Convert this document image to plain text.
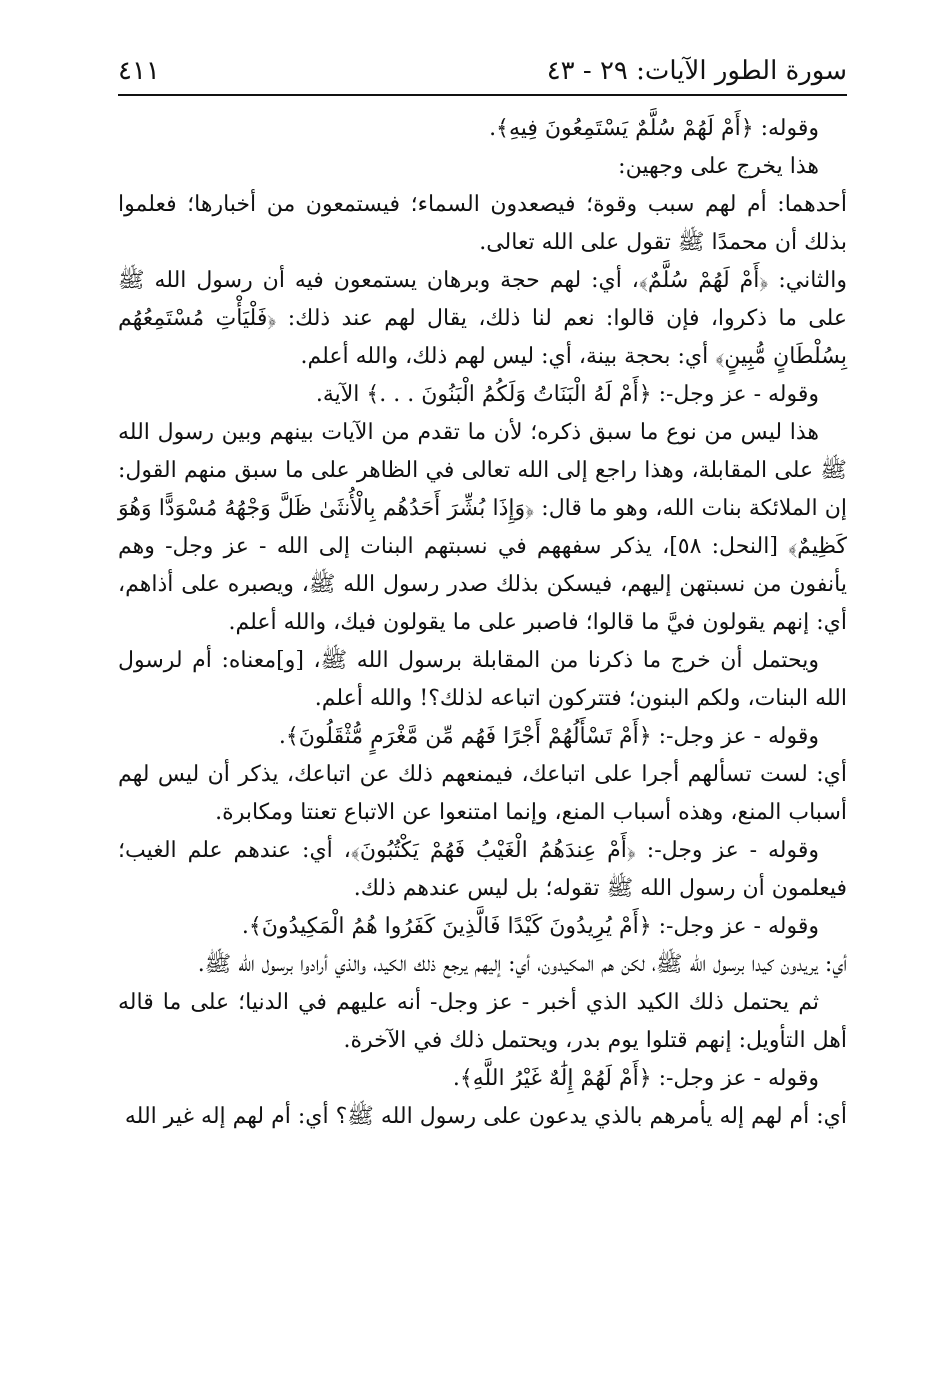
سورة الطور الآيات: ٢٩ - ٤٣
٤١١

وقوله: ﴿أَمْ لَهُمْ سُلَّمٌ يَسْتَمِعُونَ فِيهِ﴾.

هذا يخرج على وجهين:

أحدهما: أم لهم سبب وقوة؛ فيصعدون السماء؛ فيستمعون من أخبارها؛ فعلموا بذلك أن محمدًا ﷺ تقول على الله تعالى.

والثاني: ﴿أَمْ لَهُمْ سُلَّمٌ﴾، أي: لهم حجة وبرهان يستمعون فيه أن رسول الله ﷺ على ما ذكروا، فإن قالوا: نعم لنا ذلك، يقال لهم عند ذلك: ﴿فَلْيَأْتِ مُسْتَمِعُهُم بِسُلْطَانٍ مُّبِينٍ﴾ أي: بحجة بينة، أي: ليس لهم ذلك، والله أعلم.

وقوله - عز وجل-: ﴿أَمْ لَهُ الْبَنَاتُ وَلَكُمُ الْبَنُونَ . . .﴾ الآية.

هذا ليس من نوع ما سبق ذكره؛ لأن ما تقدم من الآيات بينهم وبين رسول الله ﷺ على المقابلة، وهذا راجع إلى الله تعالى في الظاهر على ما سبق منهم القول: إن الملائكة بنات الله، وهو ما قال: ﴿وَإِذَا بُشِّرَ أَحَدُهُم بِالْأُنثَىٰ ظَلَّ وَجْهُهُ مُسْوَدًّا وَهُوَ كَظِيمٌ﴾ [النحل: ٥٨]، يذكر سفههم في نسبتهم البنات إلى الله - عز وجل- وهم يأنفون من نسبتهن إليهم، فيسكن بذلك صدر رسول الله ﷺ، ويصبره على أذاهم، أي: إنهم يقولون فيَّ ما قالوا؛ فاصبر على ما يقولون فيك، والله أعلم.

ويحتمل أن خرج ما ذكرنا من المقابلة برسول الله ﷺ، [و]معناه: أم لرسول الله البنات، ولكم البنون؛ فتتركون اتباعه لذلك؟! والله أعلم.

وقوله - عز وجل-: ﴿أَمْ تَسْأَلُهُمْ أَجْرًا فَهُم مِّن مَّغْرَمٍ مُّثْقَلُونَ﴾.

أي: لست تسألهم أجرا على اتباعك، فيمنعهم ذلك عن اتباعك، يذكر أن ليس لهم أسباب المنع، وهذه أسباب المنع، وإنما امتنعوا عن الاتباع تعنتا ومكابرة.

وقوله - عز وجل-: ﴿أَمْ عِندَهُمُ الْغَيْبُ فَهُمْ يَكْتُبُونَ﴾، أي: عندهم علم الغيب؛ فيعلمون أن رسول الله ﷺ تقوله؛ بل ليس عندهم ذلك.

وقوله - عز وجل-: ﴿أَمْ يُرِيدُونَ كَيْدًا فَالَّذِينَ كَفَرُوا هُمُ الْمَكِيدُونَ﴾.

أي: يريدون كيدا برسول الله ﷺ، لكن هم المكيدون، أي: إليهم يرجع ذلك الكيد، والذي أرادوا برسول الله ﷺ.

ثم يحتمل ذلك الكيد الذي أخبر - عز وجل- أنه عليهم في الدنيا؛ على ما قاله أهل التأويل: إنهم قتلوا يوم بدر، ويحتمل ذلك في الآخرة.

وقوله - عز وجل-: ﴿أَمْ لَهُمْ إِلَٰهٌ غَيْرُ اللَّهِ﴾.

أي: أم لهم إله يأمرهم بالذي يدعون على رسول الله ﷺ؟ أي: أم لهم إله غير الله
